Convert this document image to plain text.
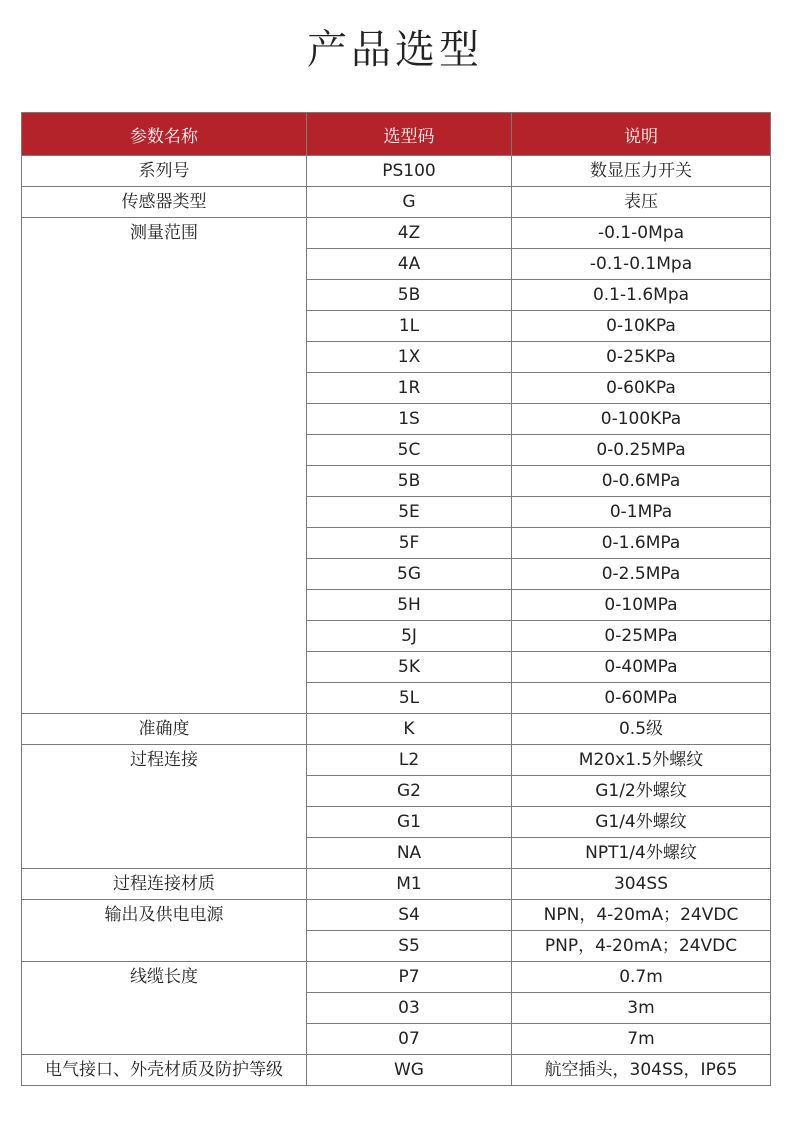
产品选型
参数名称	选型码	说明
系列号	PS100	数显压力开关
传感器类型	G	表压
测量范围	4Z	-0.1-0Mpa
	4A	-0.1-0.1Mpa
	5B	0.1-1.6Mpa
	1L	0-10KPa
	1X	0-25KPa
	1R	0-60KPa
	1S	0-100KPa
	5C	0-0.25MPa
	5B	0-0.6MPa
	5E	0-1MPa
	5F	0-1.6MPa
	5G	0-2.5MPa
	5H	0-10MPa
	5J	0-25MPa
	5K	0-40MPa
	5L	0-60MPa
准确度	K	0.5级
过程连接	L2	M20x1.5外螺纹
	G2	G1/2外螺纹
	G1	G1/4外螺纹
	NA	NPT1/4外螺纹
过程连接材质	M1	304SS
输出及供电电源	S4	NPN，4-20mA；24VDC
	S5	PNP，4-20mA；24VDC
线缆长度	P7	0.7m
	03	3m
	07	7m
电气接口、外壳材质及防护等级	WG	航空插头，304SS，IP65
